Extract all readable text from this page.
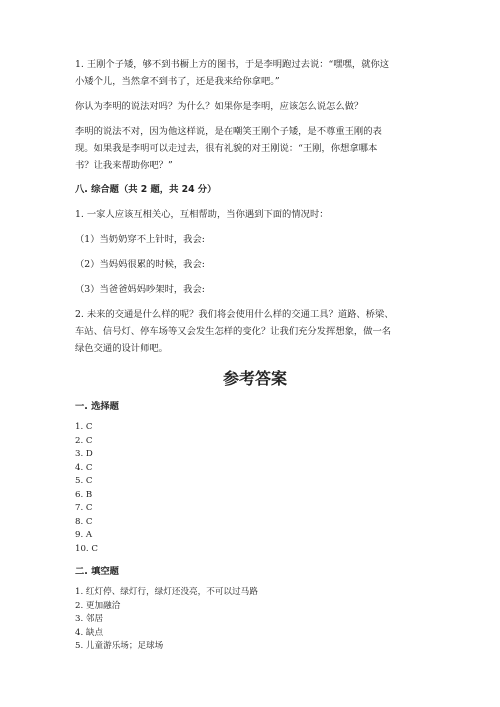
1. 王刚个子矮，够不到书橱上方的图书，于是李明跑过去说：“嘿嘿，就你这

小矮个儿，当然拿不到书了，还是我来给你拿吧。”

你认为李明的说法对吗？为什么？如果你是李明，应该怎么说怎么做？

李明的说法不对，因为他这样说，是在嘲笑王刚个子矮，是不尊重王刚的表

现。如果我是李明可以走过去，很有礼貌的对王刚说：“王刚，你想拿哪本

书？让我来帮助你吧？”

八. 综合题（共 2 题，共 24 分）

1. 一家人应该互相关心，互相帮助，当你遇到下面的情况时：

（1）当奶奶穿不上针时，我会:

（2）当妈妈很累的时候，我会:

（3）当爸爸妈妈吵架时，我会:

2. 未来的交通是什么样的呢？我们将会使用什么样的交通工具？道路、桥梁、

车站、信号灯、停车场等又会发生怎样的变化？让我们充分发挥想象，做一名

绿色交通的设计师吧。

参考答案

一. 选择题

1. C
2. C
3. D
4. C
5. C
6. B
7. C
8. C
9. A
10. C

二. 填空题

1. 红灯停、绿灯行，绿灯还没亮，不可以过马路
2. 更加融洽
3. 邻居
4. 缺点
5. 儿童游乐场；足球场
